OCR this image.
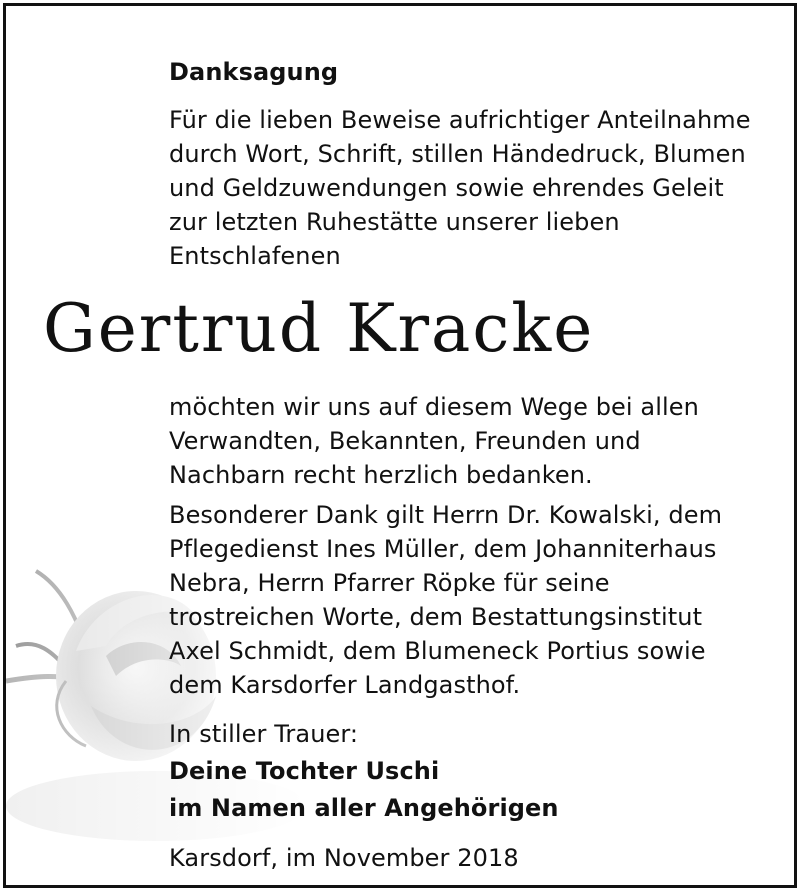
Danksagung
Für die lieben Beweise aufrichtiger Anteilnahme
durch Wort, Schrift, stillen Händedruck, Blumen
und Geldzuwendungen sowie ehrendes Geleit
zur letzten Ruhestätte unserer lieben
Entschlafenen
Gertrud Kracke
möchten wir uns auf diesem Wege bei allen
Verwandten, Bekannten, Freunden und
Nachbarn recht herzlich bedanken.
Besonderer Dank gilt Herrn Dr. Kowalski, dem
Pflegedienst Ines Müller, dem Johanniterhaus
Nebra, Herrn Pfarrer Röpke für seine
trostreichen Worte, dem Bestattungsinstitut
Axel Schmidt, dem Blumeneck Portius sowie
dem Karsdorfer Landgasthof.
In stiller Trauer:
Deine Tochter Uschi
im Namen aller Angehörigen
Karsdorf, im November 2018
